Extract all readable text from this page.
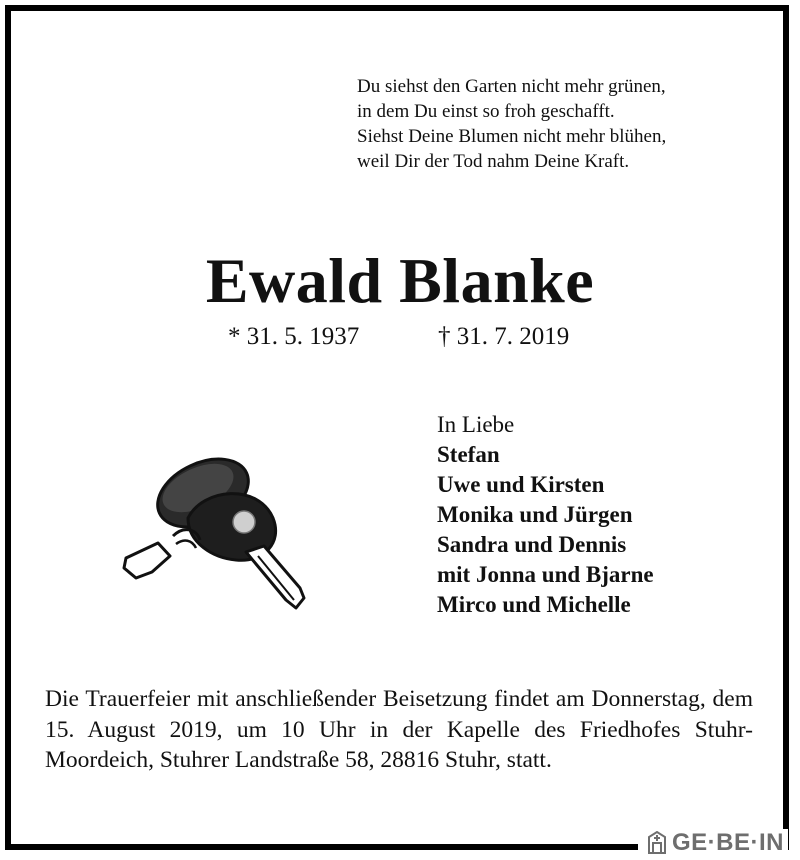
Du siehst den Garten nicht mehr grünen,
in dem Du einst so froh geschafft.
Siehst Deine Blumen nicht mehr blühen,
weil Dir der Tod nahm Deine Kraft.
Ewald Blanke
* 31. 5. 1937	† 31. 7. 2019
In Liebe
Stefan
Uwe und Kirsten
Monika und Jürgen
Sandra und Dennis
mit Jonna und Bjarne
Mirco und Michelle
Die Trauerfeier mit anschließender Beisetzung findet am Donnerstag, dem 15. August 2019, um 10 Uhr in der Kapelle des Friedhofes Stuhr-Moordeich, Stuhrer Landstraße 58, 28816 Stuhr, statt.
GE·BE·IN
